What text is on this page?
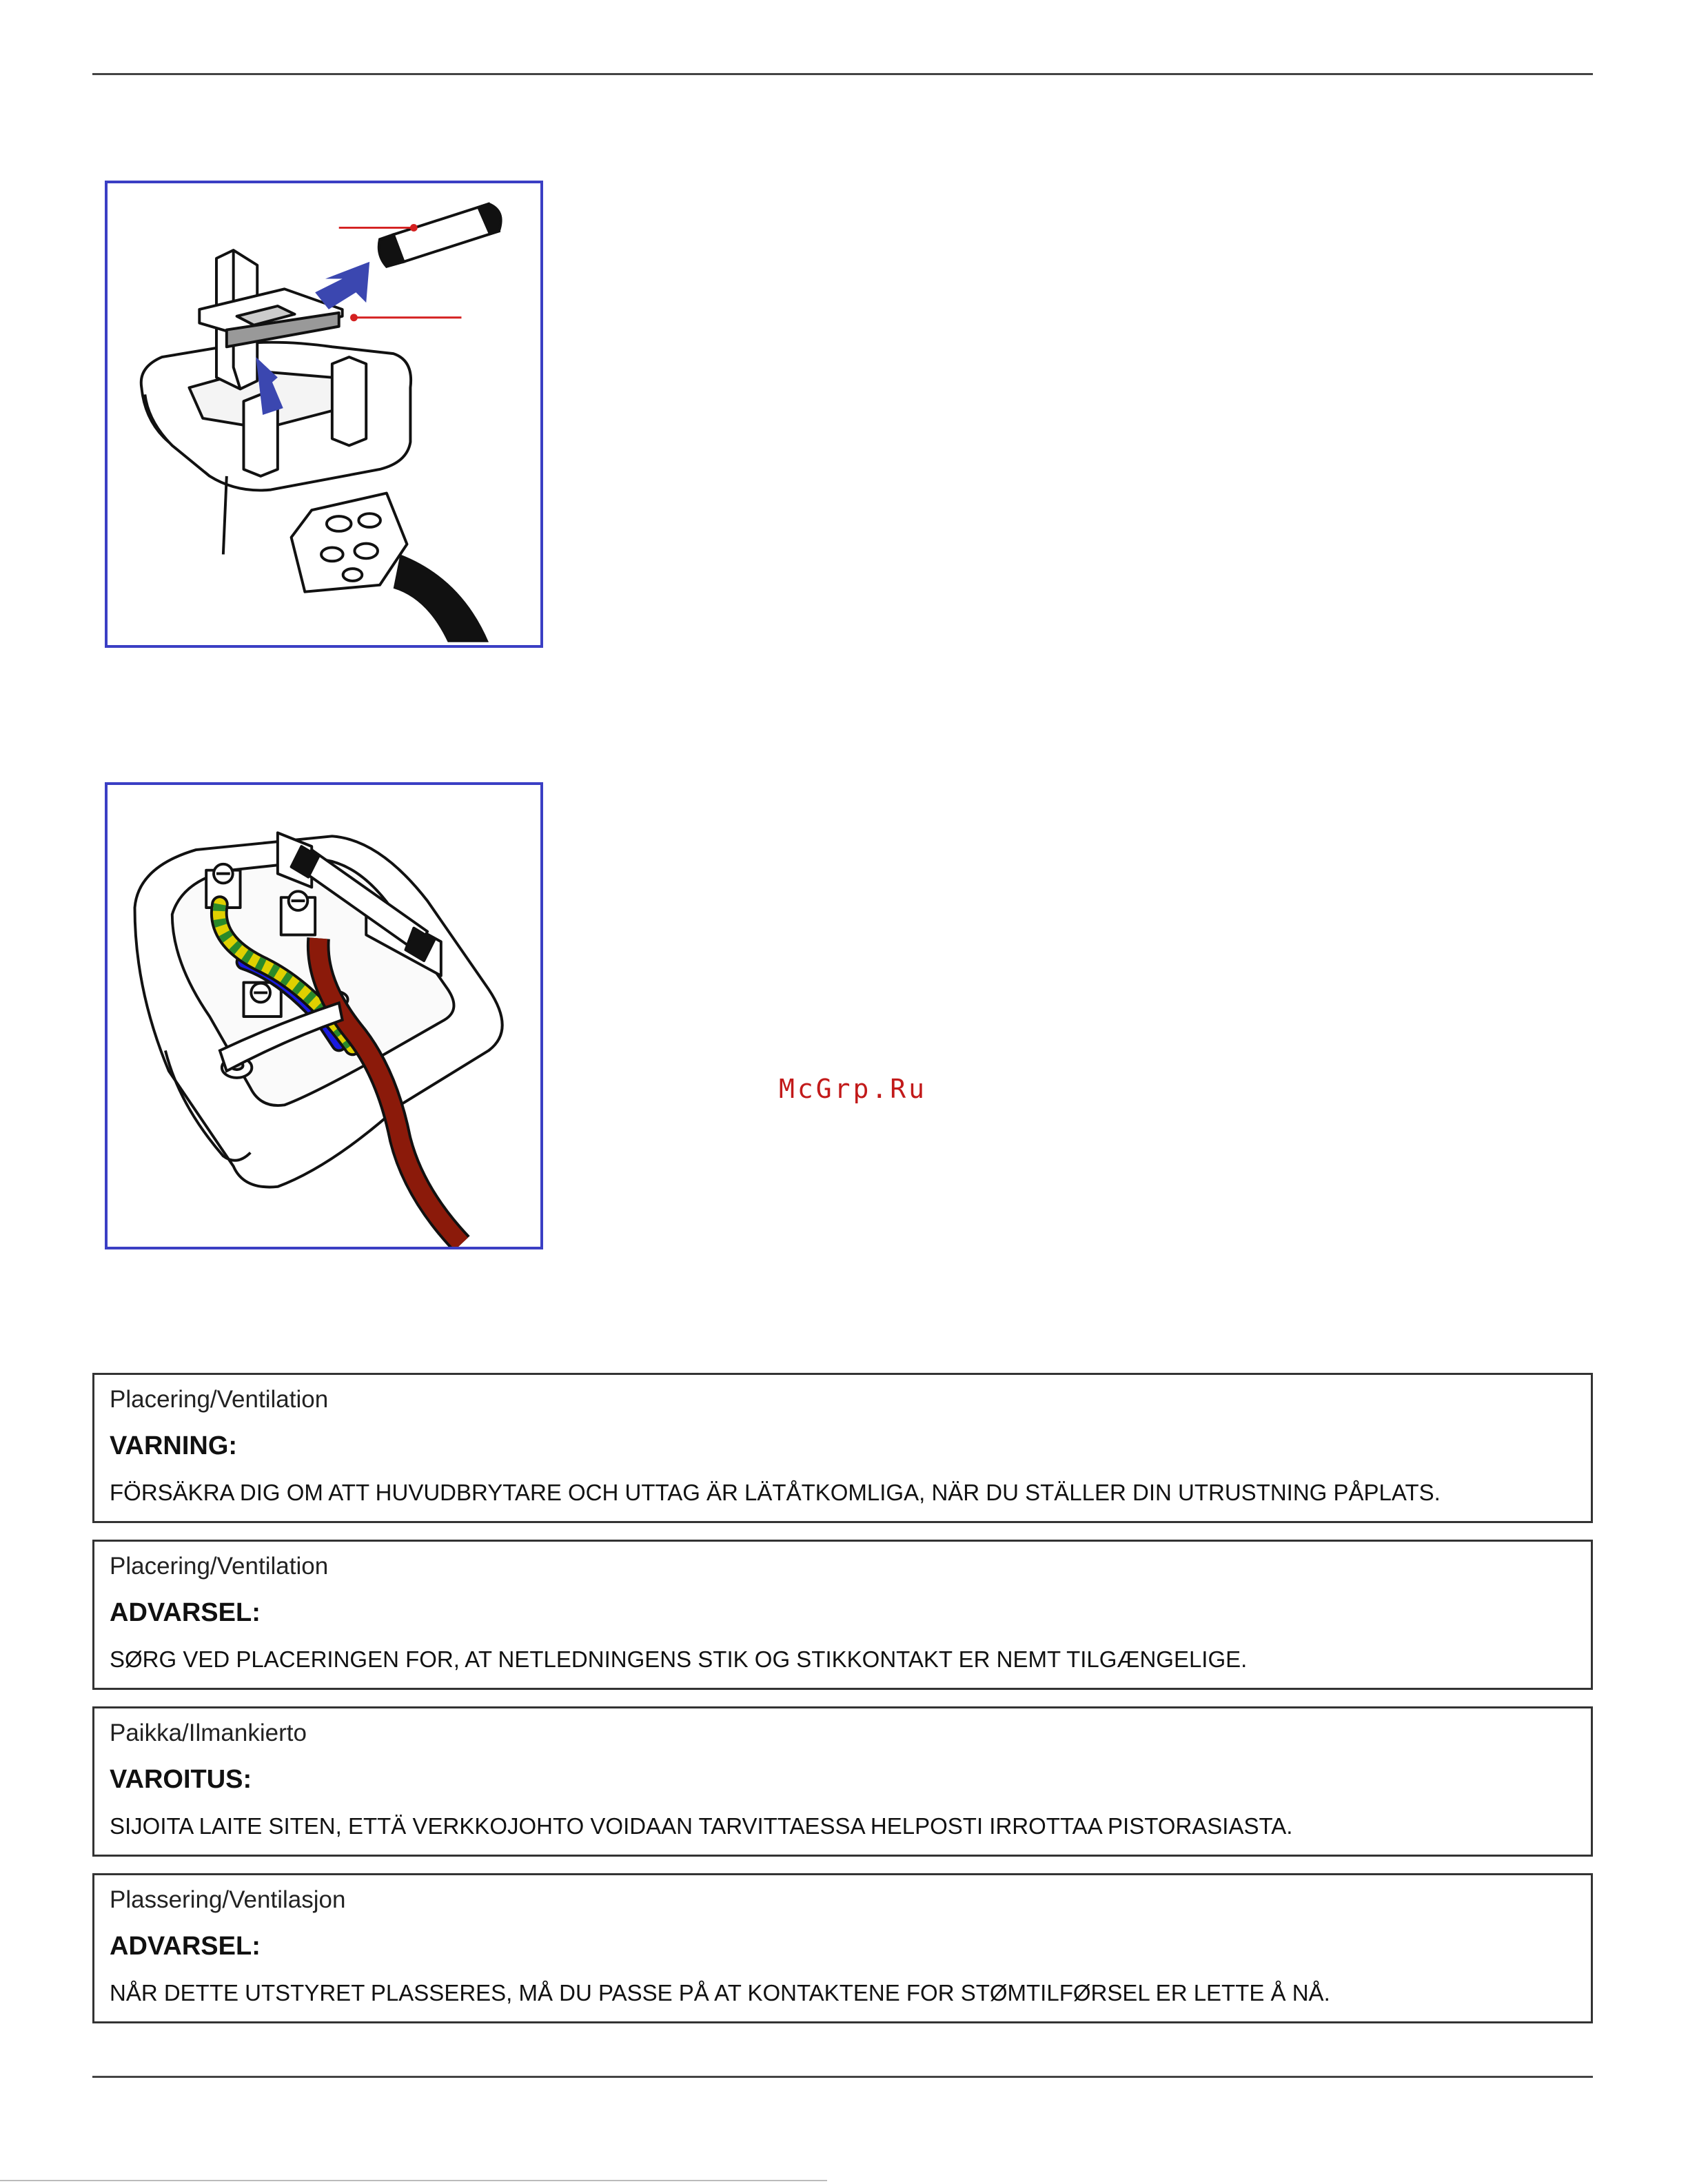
McGrp.Ru
Placering/Ventilation
VARNING:
FÖRSÄKRA DIG OM ATT HUVUDBRYTARE OCH UTTAG ÄR LÄTÅTKOMLIGA, NÄR DU STÄLLER DIN UTRUSTNING PÅPLATS.
Placering/Ventilation
ADVARSEL:
SØRG VED PLACERINGEN FOR, AT NETLEDNINGENS STIK OG STIKKONTAKT ER NEMT TILGÆNGELIGE.
Paikka/Ilmankierto
VAROITUS:
SIJOITA LAITE SITEN, ETTÄ VERKKOJOHTO VOIDAAN TARVITTAESSA HELPOSTI IRROTTAA PISTORASIASTA.
Plassering/Ventilasjon
ADVARSEL:
NÅR DETTE UTSTYRET PLASSERES, MÅ DU PASSE PÅ AT KONTAKTENE FOR STØMTILFØRSEL ER LETTE Å NÅ.
